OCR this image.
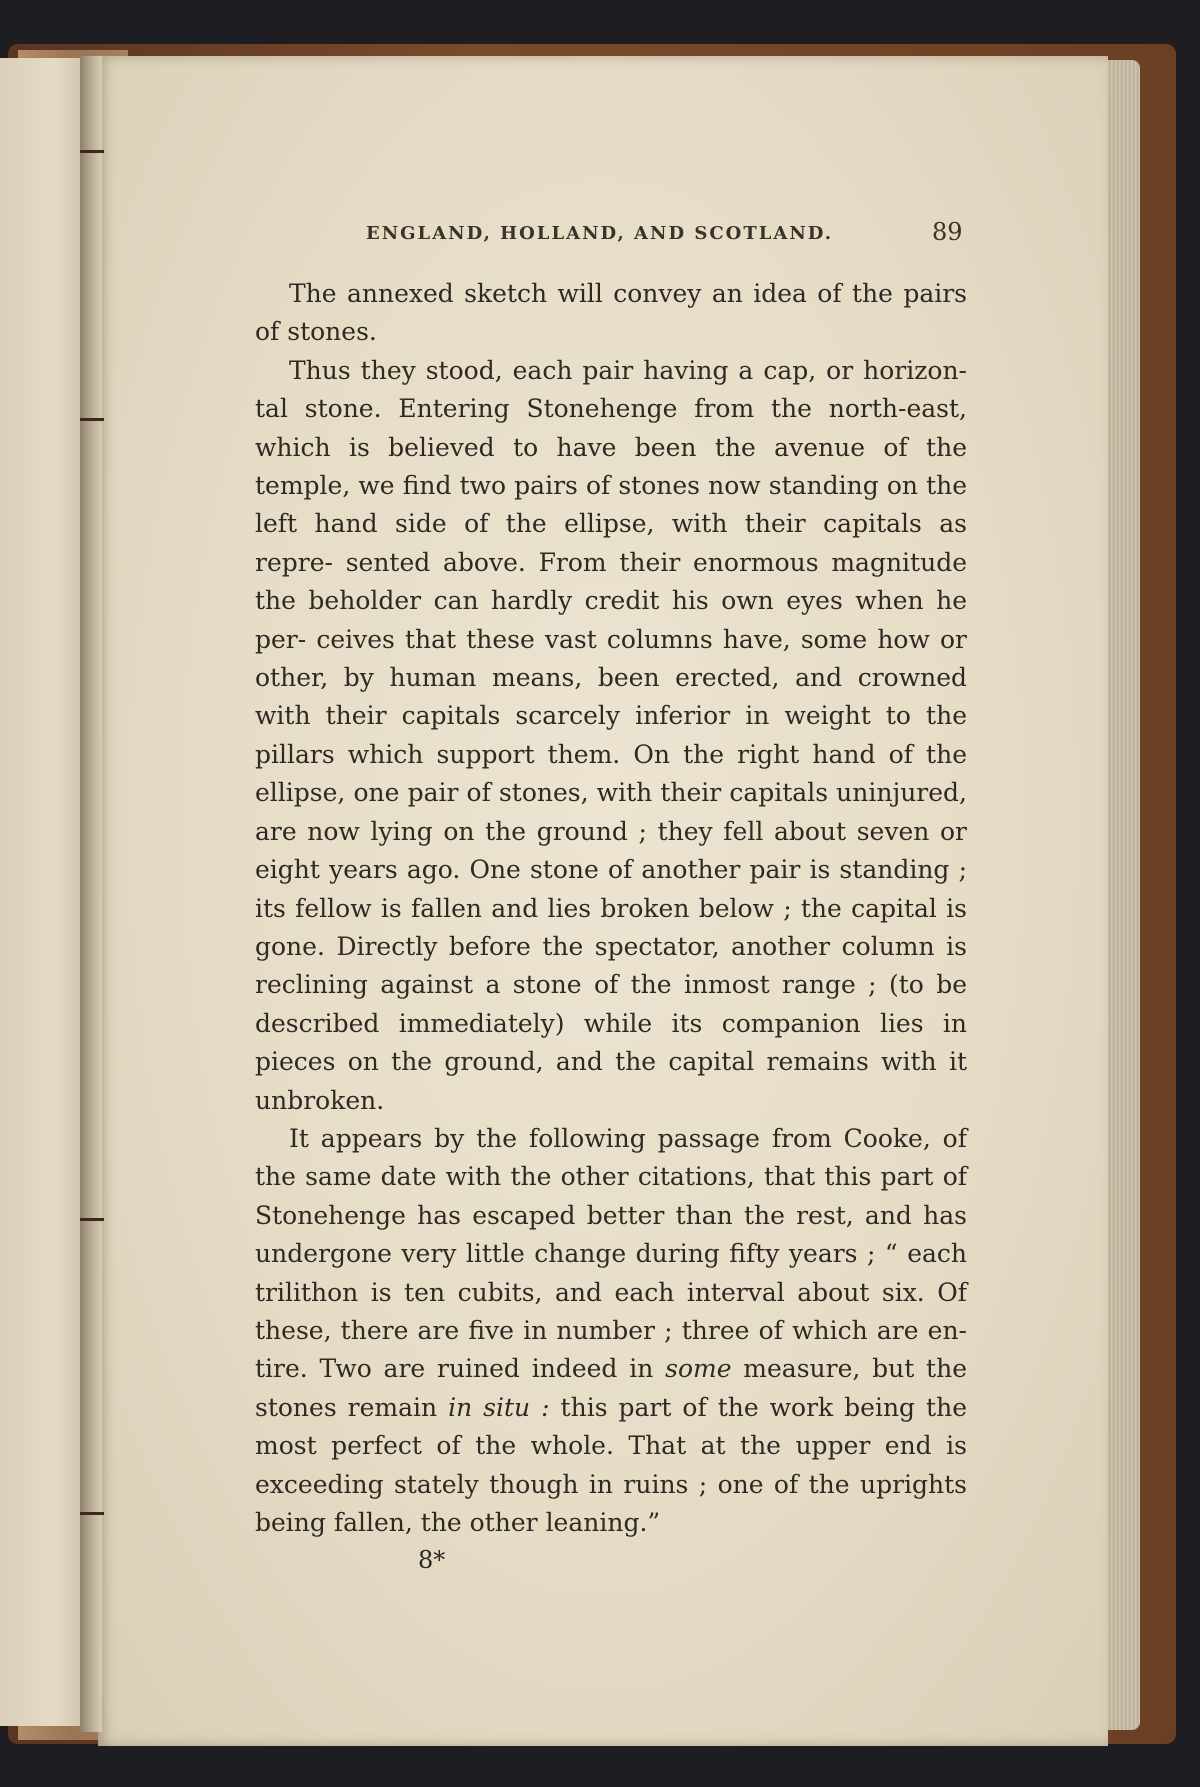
ENGLAND, HOLLAND, AND SCOTLAND.	89

The annexed sketch will convey an idea of the pairs of stones.

Thus they stood, each pair having a cap, or horizon- tal stone. Entering Stonehenge from the north-east, which is believed to have been the avenue of the temple, we find two pairs of stones now standing on the left hand side of the ellipse, with their capitals as repre- sented above. From their enormous magnitude the beholder can hardly credit his own eyes when he per- ceives that these vast columns have, some how or other, by human means, been erected, and crowned with their capitals scarcely inferior in weight to the pillars which support them. On the right hand of the ellipse, one pair of stones, with their capitals uninjured, are now lying on the ground ; they fell about seven or eight years ago. One stone of another pair is standing ; its fellow is fallen and lies broken below ; the capital is gone. Directly before the spectator, another column is reclining against a stone of the inmost range ; (to be described immediately) while its companion lies in pieces on the ground, and the capital remains with it unbroken.

It appears by the following passage from Cooke, of the same date with the other citations, that this part of Stonehenge has escaped better than the rest, and has undergone very little change during fifty years ; “ each trilithon is ten cubits, and each interval about six. Of these, there are five in number ; three of which are en- tire. Two are ruined indeed in some measure, but the stones remain in situ : this part of the work being the most perfect of the whole. That at the upper end is exceeding stately though in ruins ; one of the uprights being fallen, the other leaning.”

8*
